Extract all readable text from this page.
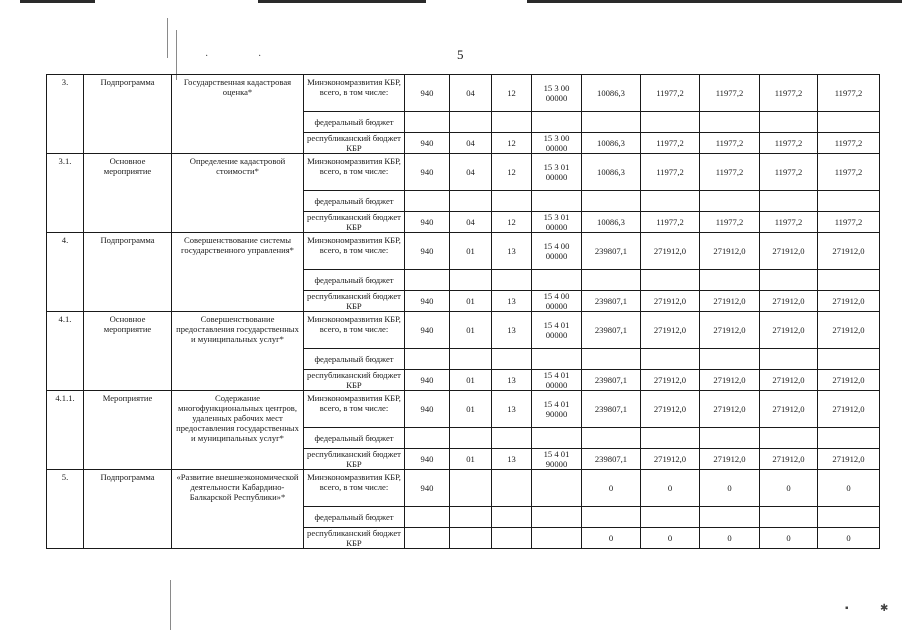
·	·
▪	✱
5
3.	Подпрограмма	Государственная кадастровая оценка*	Минэкономразвития КБР, всего, в том числе:	940	04	12	15 3 00 00000	10086,3	11977,2	11977,2	11977,2	11977,2
			федеральный бюджет									
			республиканский бюджет КБР	940	04	12	15 3 00 00000	10086,3	11977,2	11977,2	11977,2	11977,2
3.1.	Основное мероприятие	Определение кадастровой стоимости*	Минэкономразвития КБР, всего, в том числе:	940	04	12	15 3 01 00000	10086,3	11977,2	11977,2	11977,2	11977,2
			федеральный бюджет									
			республиканский бюджет КБР	940	04	12	15 3 01 00000	10086,3	11977,2	11977,2	11977,2	11977,2
4.	Подпрограмма	Совершенствование системы государственного управления*	Минэкономразвития КБР, всего, в том числе:	940	01	13	15 4 00 00000	239807,1	271912,0	271912,0	271912,0	271912,0
			федеральный бюджет									
			республиканский бюджет КБР	940	01	13	15 4 00 00000	239807,1	271912,0	271912,0	271912,0	271912,0
4.1.	Основное мероприятие	Совершенствование предоставления государственных и муниципальных услуг*	Минэкономразвития КБР, всего, в том числе:	940	01	13	15 4 01 00000	239807,1	271912,0	271912,0	271912,0	271912,0
			федеральный бюджет									
			республиканский бюджет КБР	940	01	13	15 4 01 00000	239807,1	271912,0	271912,0	271912,0	271912,0
4.1.1.	Мероприятие	Содержание многофункциональных центров, удаленных рабочих мест предоставления государственных и муниципальных услуг*	Минэкономразвития КБР, всего, в том числе:	940	01	13	15 4 01 90000	239807,1	271912,0	271912,0	271912,0	271912,0
			федеральный бюджет									
			республиканский бюджет КБР	940	01	13	15 4 01 90000	239807,1	271912,0	271912,0	271912,0	271912,0
5.	Подпрограмма	«Развитие внешнеэкономической деятельности Кабардино-Балкарской Республики»*	Минэкономразвития КБР, всего, в том числе:	940				0	0	0	0	0
			федеральный бюджет									
			республиканский бюджет КБР					0	0	0	0	0
